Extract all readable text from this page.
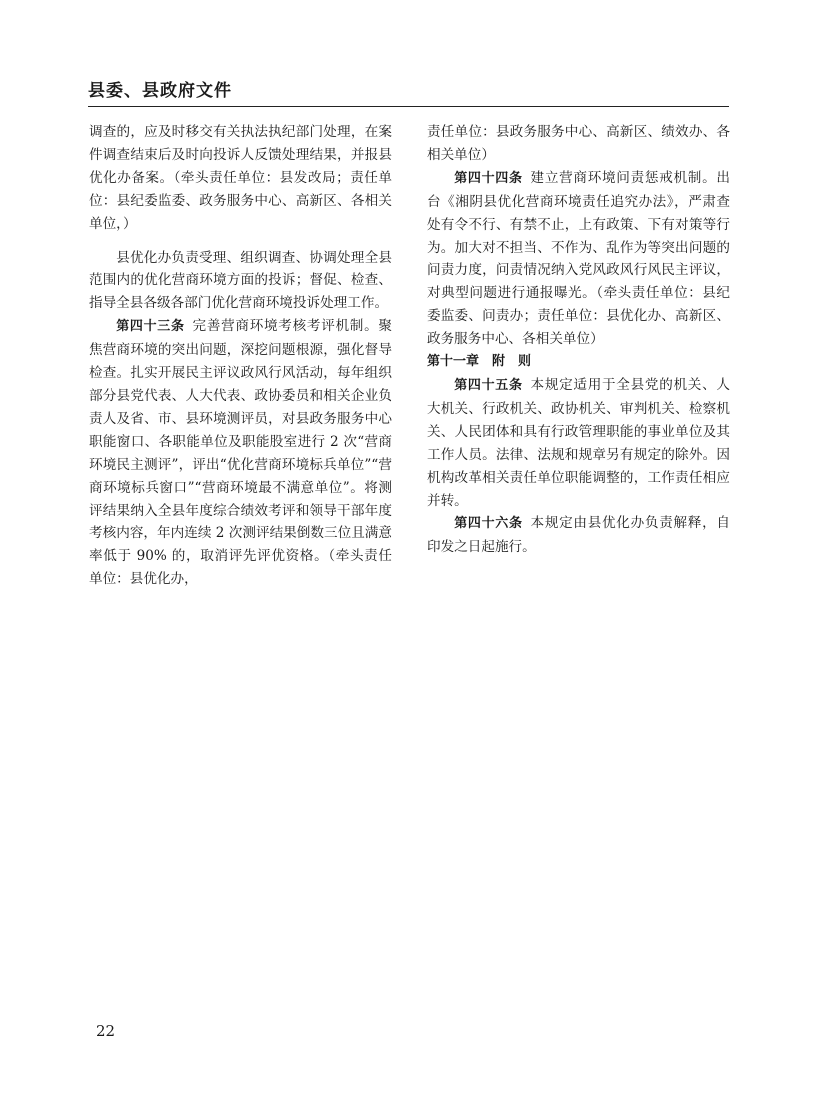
县委、县政府文件

调查的，应及时移交有关执法执纪部门处理，在案件调查结束后及时向投诉人反馈处理结果，并报县优化办备案。（牵头责任单位：县发改局；责任单位：县纪委监委、政务服务中心、高新区、各相关单位，）

县优化办负责受理、组织调查、协调处理全县范围内的优化营商环境方面的投诉；督促、检查、指导全县各级各部门优化营商环境投诉处理工作。

第四十三条 完善营商环境考核考评机制。聚焦营商环境的突出问题，深挖问题根源，强化督导检查。扎实开展民主评议政风行风活动，每年组织部分县党代表、人大代表、政协委员和相关企业负责人及省、市、县环境测评员，对县政务服务中心职能窗口、各职能单位及职能股室进行 2 次“营商环境民主测评”，评出“优化营商环境标兵单位”“营商环境标兵窗口”“营商环境最不满意单位”。将测评结果纳入全县年度综合绩效考评和领导干部年度考核内容，年内连续 2 次测评结果倒数三位且满意率低于 90% 的，取消评先评优资格。（牵头责任单位：县优化办，

责任单位：县政务服务中心、高新区、绩效办、各相关单位）

第四十四条 建立营商环境问责惩戒机制。出台《湘阴县优化营商环境责任追究办法》，严肃查处有令不行、有禁不止，上有政策、下有对策等行为。加大对不担当、不作为、乱作为等突出问题的问责力度，问责情况纳入党风政风行风民主评议，对典型问题进行通报曝光。（牵头责任单位：县纪委监委、问责办；责任单位：县优化办、高新区、政务服务中心、各相关单位）

第十一章　附　则

第四十五条 本规定适用于全县党的机关、人大机关、行政机关、政协机关、审判机关、检察机关、人民团体和具有行政管理职能的事业单位及其工作人员。法律、法规和规章另有规定的除外。因机构改革相关责任单位职能调整的，工作责任相应并转。

第四十六条 本规定由县优化办负责解释，自印发之日起施行。

22
